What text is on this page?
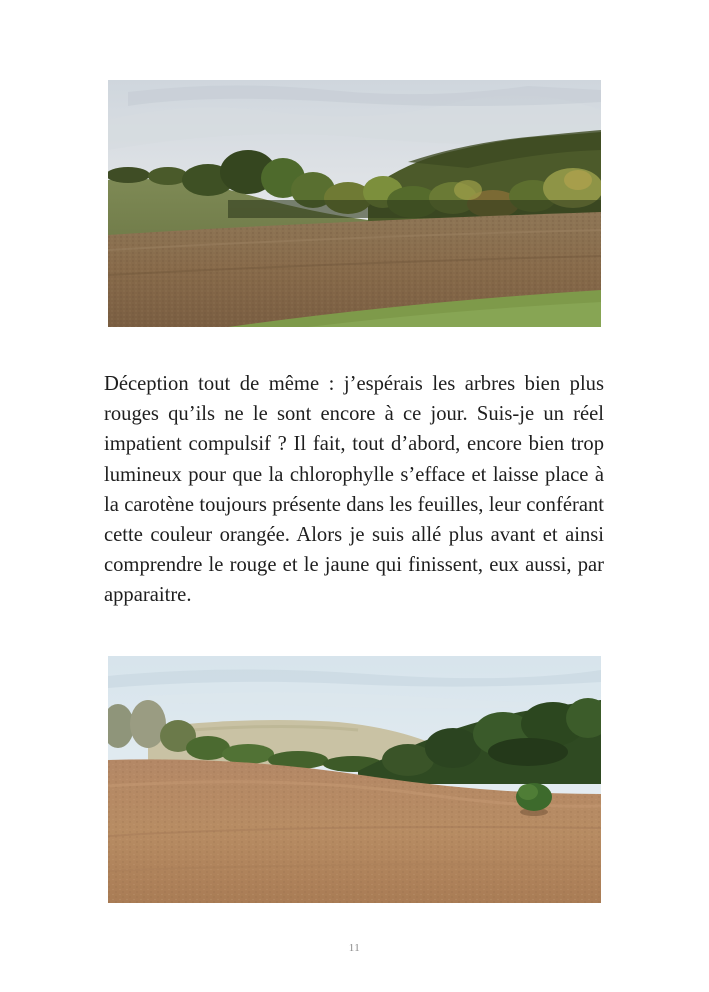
Déception tout de même : j’espérais les arbres bien plus rouges qu’ils ne le sont encore à ce jour. Suis-je un réel impatient compulsif ? Il fait, tout d’abord, encore bien trop lumineux pour que la chlorophylle s’efface et laisse place à la carotène toujours présente dans les feuilles, leur conférant cette couleur orangée. Alors je suis allé plus avant et ainsi comprendre le rouge et le jaune qui finissent, eux aussi, par apparaitre.

11
